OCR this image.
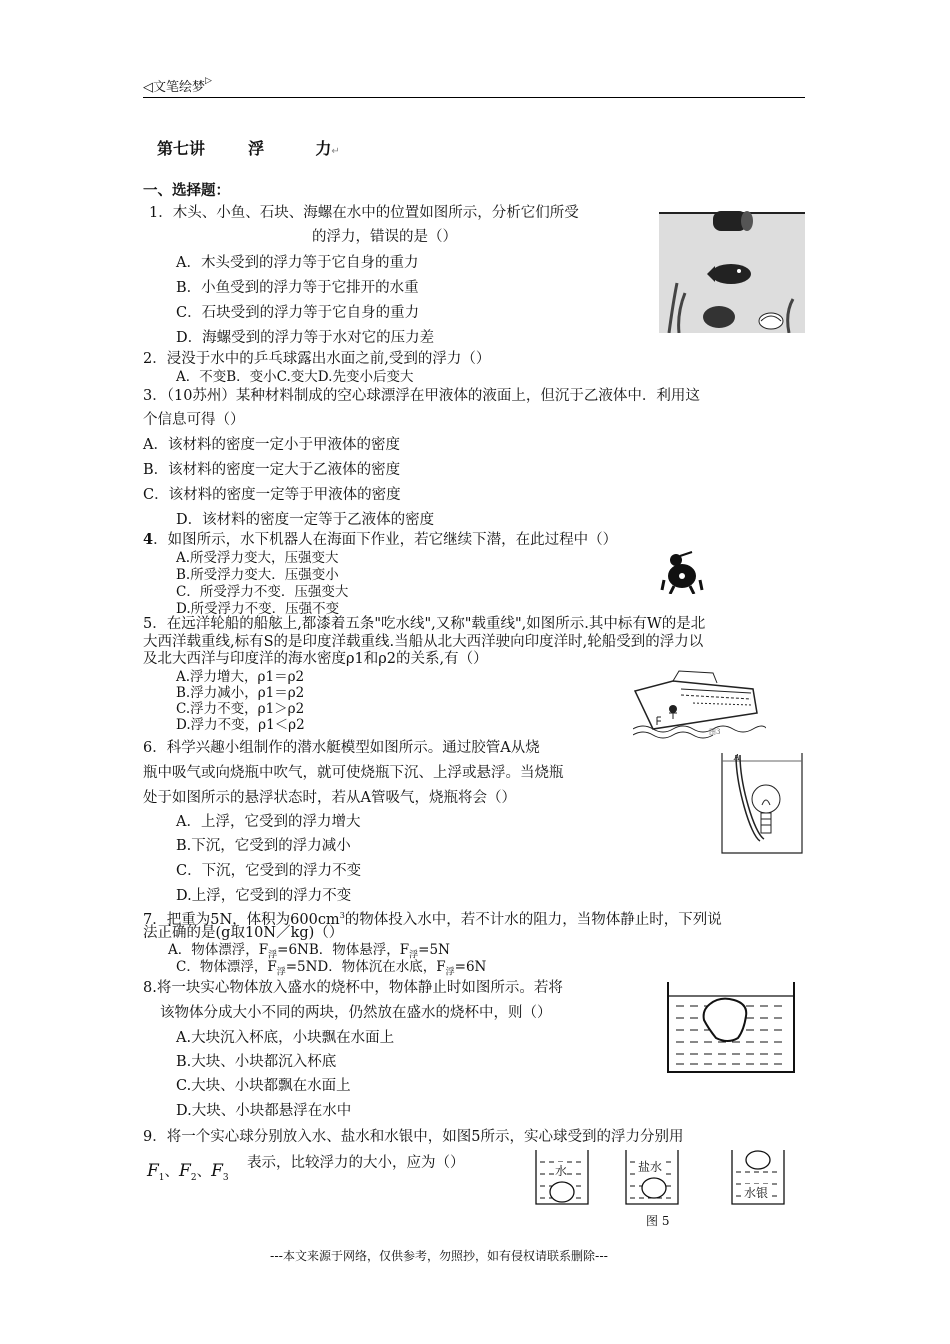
◁文笔绘梦▷
第七讲	浮	力↵
一、选择题：
1．木头、小鱼、石块、海螺在水中的位置如图所示，分析它们所受
的浮力，错误的是（）
A．木头受到的浮力等于它自身的重力
B．小鱼受到的浮力等于它排开的水重
C．石块受到的浮力等于它自身的重力
D．海螺受到的浮力等于水对它的压力差
2．浸没于水中的乒乓球露出水面之前,受到的浮力（）
A．不变B．变小C.变大D.先变小后变大
3．（10苏州）某种材料制成的空心球漂浮在甲液体的液面上，但沉于乙液体中．利用这
个信息可得（）
A．该材料的密度一定小于甲液体的密度
B．该材料的密度一定大于乙液体的密度
C．该材料的密度一定等于甲液体的密度
D．该材料的密度一定等于乙液体的密度
4．如图所示，水下机器人在海面下作业，若它继续下潜，在此过程中（）
A.所受浮力变大，压强变大
B.所受浮力变大．压强变小
C．所受浮力不变．压强变大
D.所受浮力不变．压强不变
5．在远洋轮船的船舷上,都漆着五条"吃水线",又称"载重线",如图所示.其中标有W的是北
大西洋载重线,标有S的是印度洋载重线.当船从北大西洋驶向印度洋时,轮船受到的浮力以
及北大西洋与印度洋的海水密度ρ1和ρ2的关系,有（）
A.浮力增大，ρ1＝ρ2
B.浮力减小，ρ1＝ρ2
C.浮力不变，ρ1＞ρ2
D.浮力不变，ρ1＜ρ2	图3
6．科学兴趣小组制作的潜水艇模型如图所示。通过胶管A从烧
瓶中吸气或向烧瓶中吹气，就可使烧瓶下沉、上浮或悬浮。当烧瓶
处于如图所示的悬浮状态时，若从A管吸气，烧瓶将会（）
A．上浮，它受到的浮力增大
B.下沉，它受到的浮力减小
C．下沉，它受到的浮力不变
D.上浮，它受到的浮力不变
A
7．把重为5N，体积为$600cm^3$的物体投入水中，若不计水的阻力，当物体静止时，下列说
法正确的是(g取10N／kg)（）
A．物体漂浮，$F_浮=6NB$．物体悬浮，$F_浮=5N$
C．物体漂浮，$F_浮=5ND$．物体沉在水底，$F_浮=6N$
8.将一块实心物体放入盛水的烧杯中，物体静止时如图所示。若将
该物体分成大小不同的两块，仍然放在盛水的烧杯中，则（）
A.大块沉入杯底，小块飘在水面上
B.大块、小块都沉入杯底
C.大块、小块都飘在水面上
D.大块、小块都悬浮在水中
9．将一个实心球分别放入水、盐水和水银中，如图5所示，实心球受到的浮力分别用
$F_1$、$F_2$、$F_3$
表示，比较浮力的大小，应为（）	水	盐水
水银
图 5
---本文来源于网络，仅供参考，勿照抄，如有侵权请联系删除---
